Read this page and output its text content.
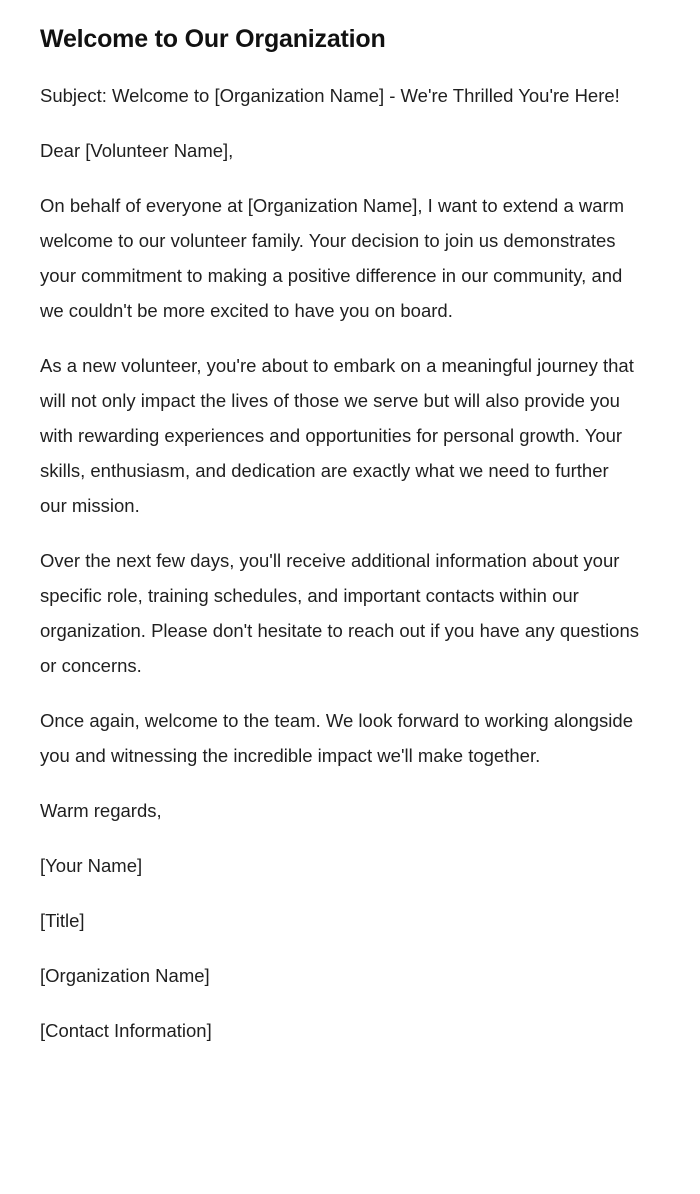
Welcome to Our Organization

Subject: Welcome to [Organization Name] - We're Thrilled You're Here!

Dear [Volunteer Name],

On behalf of everyone at [Organization Name], I want to extend a warm welcome to our volunteer family. Your decision to join us demonstrates your commitment to making a positive difference in our community, and we couldn't be more excited to have you on board.

As a new volunteer, you're about to embark on a meaningful journey that will not only impact the lives of those we serve but will also provide you with rewarding experiences and opportunities for personal growth. Your skills, enthusiasm, and dedication are exactly what we need to further our mission.

Over the next few days, you'll receive additional information about your specific role, training schedules, and important contacts within our organization. Please don't hesitate to reach out if you have any questions or concerns.

Once again, welcome to the team. We look forward to working alongside you and witnessing the incredible impact we'll make together.

Warm regards,

[Your Name]

[Title]

[Organization Name]

[Contact Information]
